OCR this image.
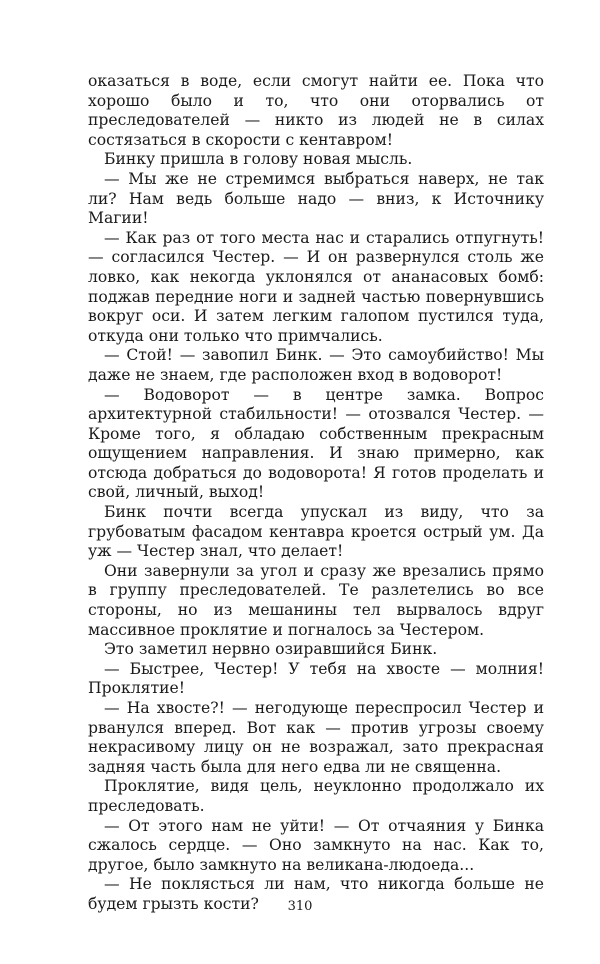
оказаться в воде, если смогут найти ее. Пока что хорошо было и то, что они оторвались от преследователей — никто из людей не в силах состязаться в скорости с кентавром!

Бинку пришла в голову новая мысль.

— Мы же не стремимся выбраться наверх, не так ли? Нам ведь больше надо — вниз, к Источнику Магии!

— Как раз от того места нас и старались отпугнуть! — согласился Честер. — И он развернулся столь же ловко, как некогда уклонялся от ананасовых бомб: поджав передние ноги и задней частью повернувшись вокруг оси. И затем легким галопом пустился туда, откуда они только что примчались.

— Стой! — завопил Бинк. — Это самоубийство! Мы даже не знаем, где расположен вход в водоворот!

— Водоворот — в центре замка. Вопрос архитектурной стабильности! — отозвался Честер. — Кроме того, я обладаю собственным прекрасным ощущением направления. И знаю примерно, как отсюда добраться до водоворота! Я готов проделать и свой, личный, выход!

Бинк почти всегда упускал из виду, что за грубоватым фасадом кентавра кроется острый ум. Да уж — Честер знал, что делает!

Они завернули за угол и сразу же врезались прямо в группу преследователей. Те разлетелись во все стороны, но из мешанины тел вырвалось вдруг массивное проклятие и погналось за Честером.

Это заметил нервно озиравшийся Бинк.

— Быстрее, Честер! У тебя на хвосте — молния! Проклятие!

— На хвосте?! — негодующе переспросил Честер и рванулся вперед. Вот как — против угрозы своему некрасивому лицу он не возражал, зато прекрасная задняя часть была для него едва ли не священна.

Проклятие, видя цель, неуклонно продолжало их преследовать.

— От этого нам не уйти! — От отчаяния у Бинка сжалось сердце. — Оно замкнуто на нас. Как то, другое, было замкнуто на великана-людоеда...

— Не поклясться ли нам, что никогда больше не будем грызть кости?	310
